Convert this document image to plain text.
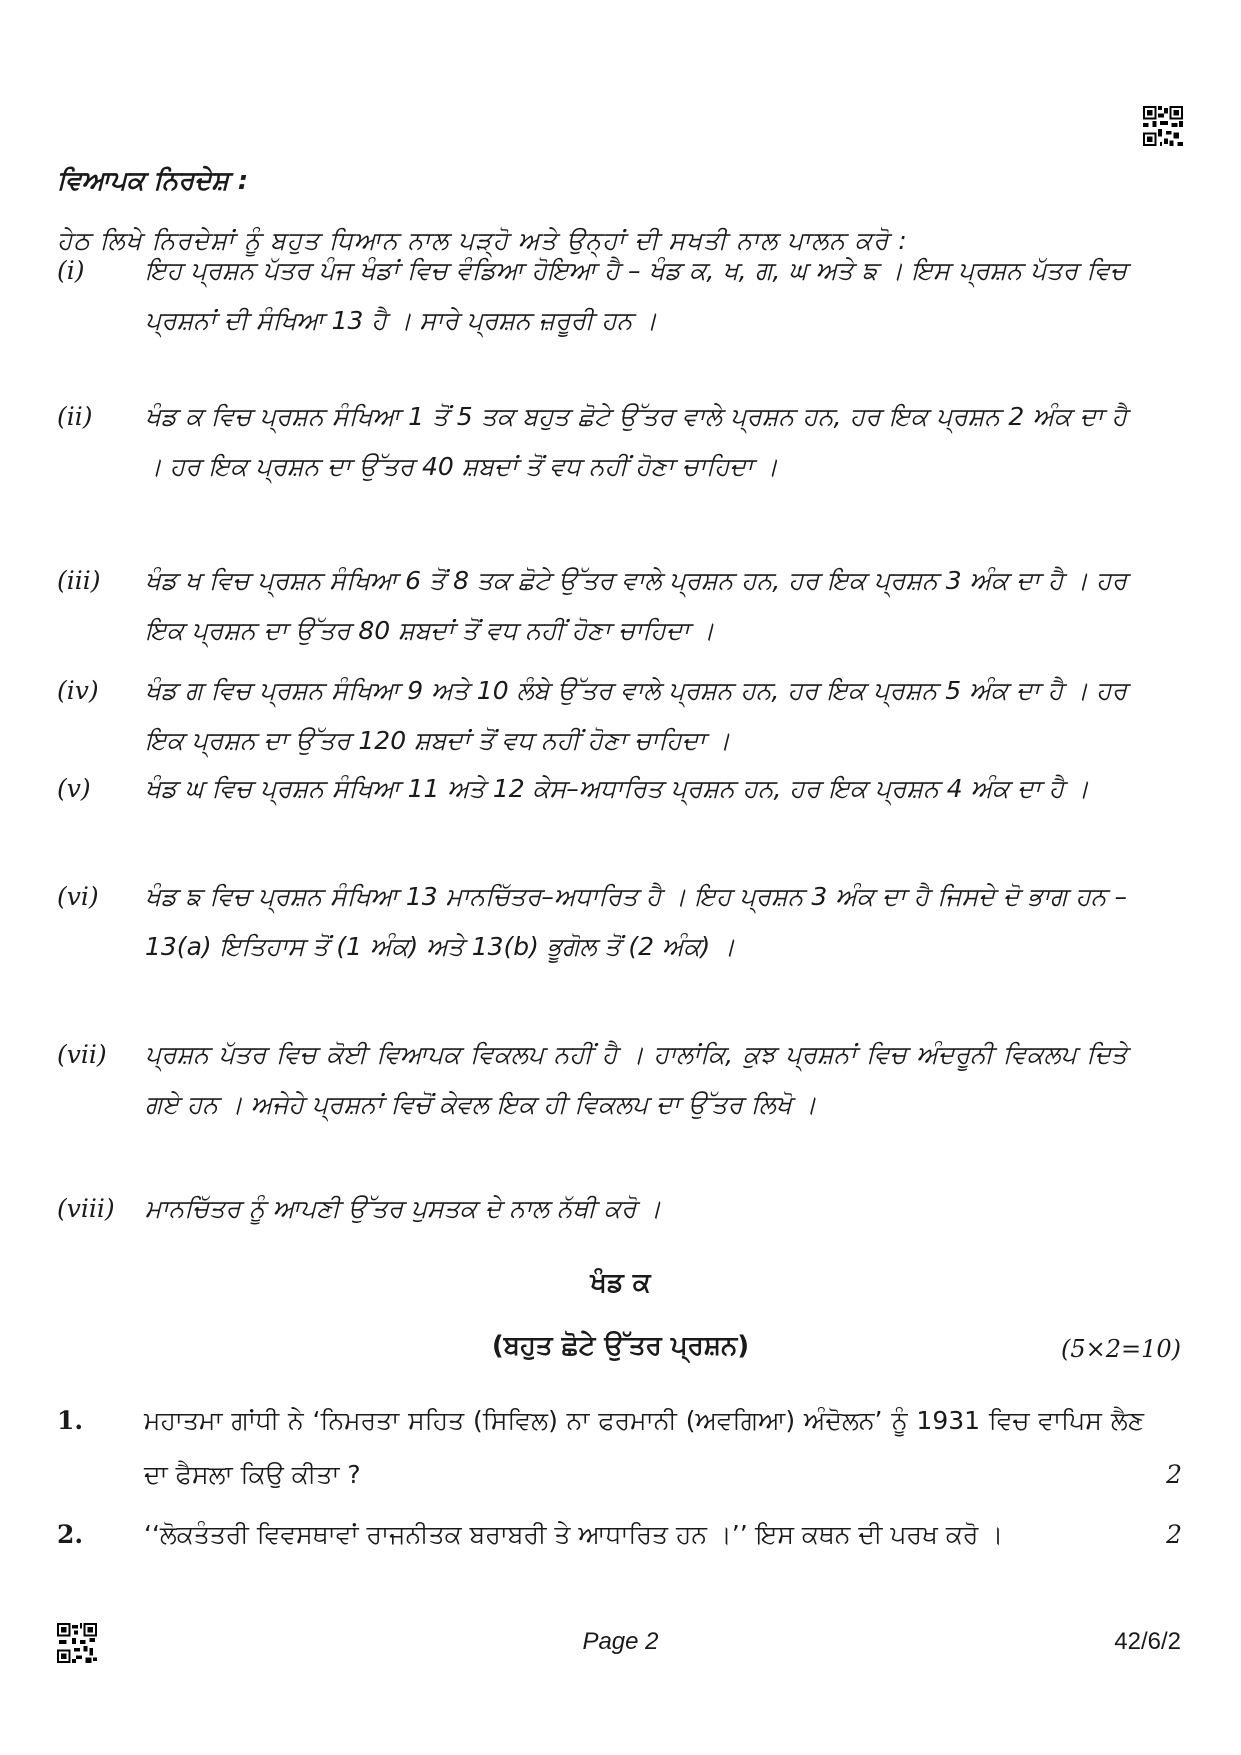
ਵਿਆਪਕ ਨਿਰਦੇਸ਼ :
ਹੇਠ ਲਿਖੇ ਨਿਰਦੇਸ਼ਾਂ ਨੂੰ ਬਹੁਤ ਧਿਆਨ ਨਾਲ ਪੜ੍ਹੋ ਅਤੇ ਉਨ੍ਹਾਂ ਦੀ ਸਖਤੀ ਨਾਲ ਪਾਲਨ ਕਰੋ :
(i)	ਇਹ ਪ੍ਰਸ਼ਨ ਪੱਤਰ ਪੰਜ ਖੰਡਾਂ ਵਿਚ ਵੰਡਿਆ ਹੋਇਆ ਹੈ – ਖੰਡ ਕ, ਖ, ਗ, ਘ ਅਤੇ ਙ । ਇਸ ਪ੍ਰਸ਼ਨ ਪੱਤਰ ਵਿਚ ਪ੍ਰਸ਼ਨਾਂ ਦੀ ਸੰਖਿਆ 13 ਹੈ । ਸਾਰੇ ਪ੍ਰਸ਼ਨ ਜ਼ਰੂਰੀ ਹਨ ।
(ii)	ਖੰਡ ਕ ਵਿਚ ਪ੍ਰਸ਼ਨ ਸੰਖਿਆ 1 ਤੋਂ 5 ਤਕ ਬਹੁਤ ਛੋਟੇ ਉੱਤਰ ਵਾਲੇ ਪ੍ਰਸ਼ਨ ਹਨ, ਹਰ ਇਕ ਪ੍ਰਸ਼ਨ 2 ਅੰਕ ਦਾ ਹੈ । ਹਰ ਇਕ ਪ੍ਰਸ਼ਨ ਦਾ ਉੱਤਰ 40 ਸ਼ਬਦਾਂ ਤੋਂ ਵਧ ਨਹੀਂ ਹੋਣਾ ਚਾਹਿਦਾ ।
(iii)	ਖੰਡ ਖ ਵਿਚ ਪ੍ਰਸ਼ਨ ਸੰਖਿਆ 6 ਤੋਂ 8 ਤਕ ਛੋਟੇ ਉੱਤਰ ਵਾਲੇ ਪ੍ਰਸ਼ਨ ਹਨ, ਹਰ ਇਕ ਪ੍ਰਸ਼ਨ 3 ਅੰਕ ਦਾ ਹੈ । ਹਰ ਇਕ ਪ੍ਰਸ਼ਨ ਦਾ ਉੱਤਰ 80 ਸ਼ਬਦਾਂ ਤੋਂ ਵਧ ਨਹੀਂ ਹੋਣਾ ਚਾਹਿਦਾ ।
(iv)	ਖੰਡ ਗ ਵਿਚ ਪ੍ਰਸ਼ਨ ਸੰਖਿਆ 9 ਅਤੇ 10 ਲੰਬੇ ਉੱਤਰ ਵਾਲੇ ਪ੍ਰਸ਼ਨ ਹਨ, ਹਰ ਇਕ ਪ੍ਰਸ਼ਨ 5 ਅੰਕ ਦਾ ਹੈ । ਹਰ ਇਕ ਪ੍ਰਸ਼ਨ ਦਾ ਉੱਤਰ 120 ਸ਼ਬਦਾਂ ਤੋਂ ਵਧ ਨਹੀਂ ਹੋਣਾ ਚਾਹਿਦਾ ।
(v)	ਖੰਡ ਘ ਵਿਚ ਪ੍ਰਸ਼ਨ ਸੰਖਿਆ 11 ਅਤੇ 12 ਕੇਸ–ਅਧਾਰਿਤ ਪ੍ਰਸ਼ਨ ਹਨ, ਹਰ ਇਕ ਪ੍ਰਸ਼ਨ 4 ਅੰਕ ਦਾ ਹੈ ।
(vi)	ਖੰਡ ਙ ਵਿਚ ਪ੍ਰਸ਼ਨ ਸੰਖਿਆ 13 ਮਾਨਚਿੱਤਰ–ਅਧਾਰਿਤ ਹੈ । ਇਹ ਪ੍ਰਸ਼ਨ 3 ਅੰਕ ਦਾ ਹੈ ਜਿਸਦੇ ਦੋ ਭਾਗ ਹਨ – 13(a) ਇਤਿਹਾਸ ਤੋਂ (1 ਅੰਕ) ਅਤੇ 13(b) ਭੂਗੋਲ ਤੋਂ (2 ਅੰਕ) ।
(vii)	ਪ੍ਰਸ਼ਨ ਪੱਤਰ ਵਿਚ ਕੋਈ ਵਿਆਪਕ ਵਿਕਲਪ ਨਹੀਂ ਹੈ । ਹਾਲਾਂਕਿ, ਕੁਝ ਪ੍ਰਸ਼ਨਾਂ ਵਿਚ ਅੰਦਰੂਨੀ ਵਿਕਲਪ ਦਿਤੇ ਗਏ ਹਨ । ਅਜੇਹੇ ਪ੍ਰਸ਼ਨਾਂ ਵਿਚੋਂ ਕੇਵਲ ਇਕ ਹੀ ਵਿਕਲਪ ਦਾ ਉੱਤਰ ਲਿਖੋ ।
(viii)	ਮਾਨਚਿੱਤਰ ਨੂੰ ਆਪਣੀ ਉੱਤਰ ਪੁਸਤਕ ਦੇ ਨਾਲ ਨੱਥੀ ਕਰੋ ।
ਖੰਡ ਕ
(ਬਹੁਤ ਛੋਟੇ ਉੱਤਰ ਪ੍ਰਸ਼ਨ)	(5×2=10)
1. ਮਹਾਤਮਾ ਗਾਂਧੀ ਨੇ ‘ਨਿਮਰਤਾ ਸਹਿਤ (ਸਿਵਿਲ) ਨਾ ਫਰਮਾਨੀ (ਅਵਗਿਆ) ਅੰਦੋਲਨ’ ਨੂੰ 1931 ਵਿਚ ਵਾਪਿਸ ਲੈਣ ਦਾ ਫੈਸਲਾ ਕਿਉ ਕੀਤਾ ?	2
2. ‘‘ਲੋਕਤੰਤਰੀ ਵਿਵਸਥਾਵਾਂ ਰਾਜਨੀਤਕ ਬਰਾਬਰੀ ਤੇ ਆਧਾਰਿਤ ਹਨ ।’’ ਇਸ ਕਥਨ ਦੀ ਪਰਖ ਕਰੋ ।	2
Page 2	42/6/2
